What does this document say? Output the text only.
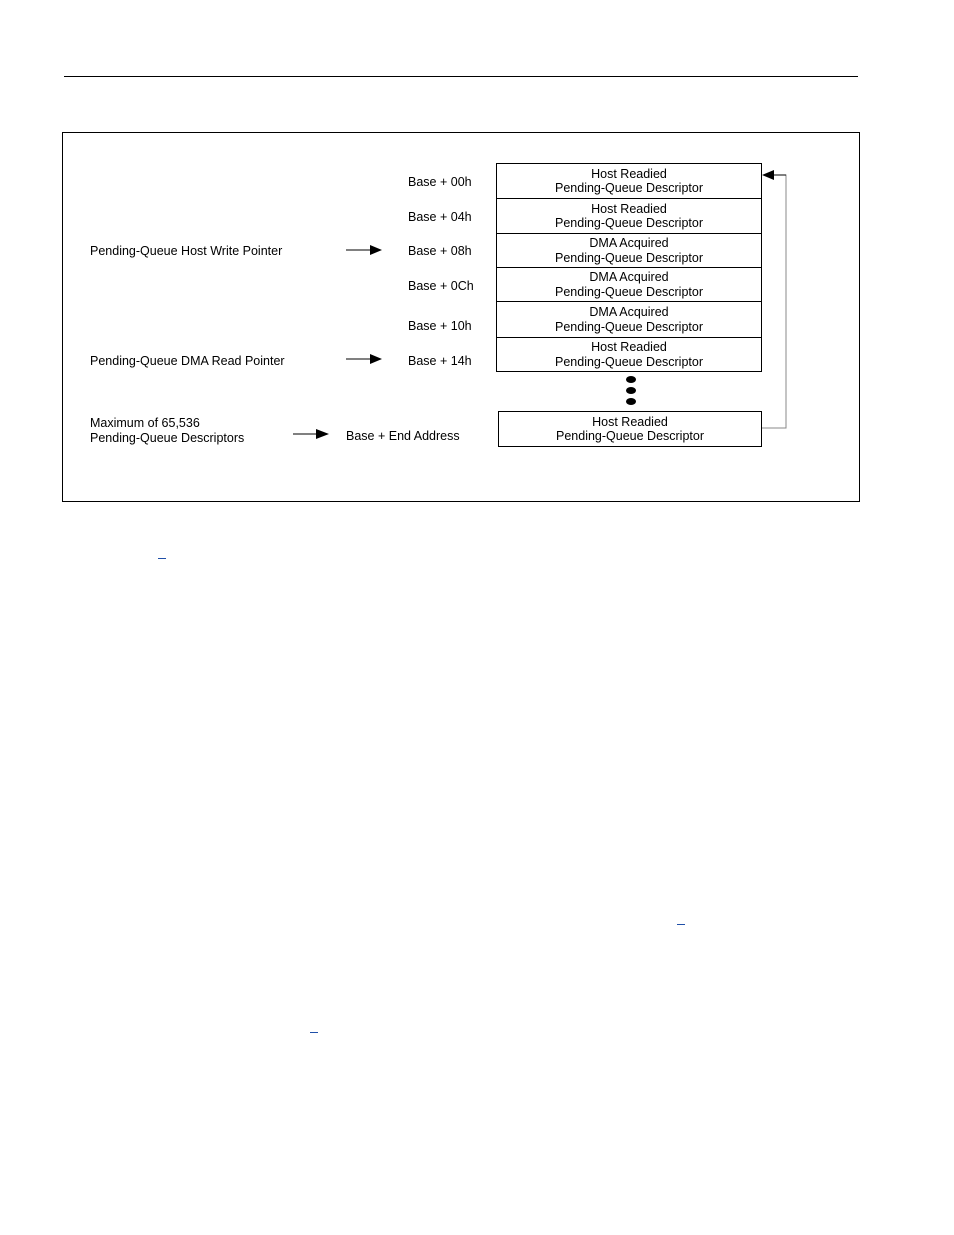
Pending-Queue Host Write Pointer
Pending-Queue DMA Read Pointer
Maximum of 65,536
Pending-Queue Descriptors
Base + 00h
Base + 04h
Base + 08h
Base + 0Ch
Base + 10h
Base + 14h
Base + End Address
Host Readied
Pending-Queue Descriptor
Host Readied
Pending-Queue Descriptor
DMA Acquired
Pending-Queue Descriptor
DMA Acquired
Pending-Queue Descriptor
DMA Acquired
Pending-Queue Descriptor
Host Readied
Pending-Queue Descriptor
Host Readied
Pending-Queue Descriptor
